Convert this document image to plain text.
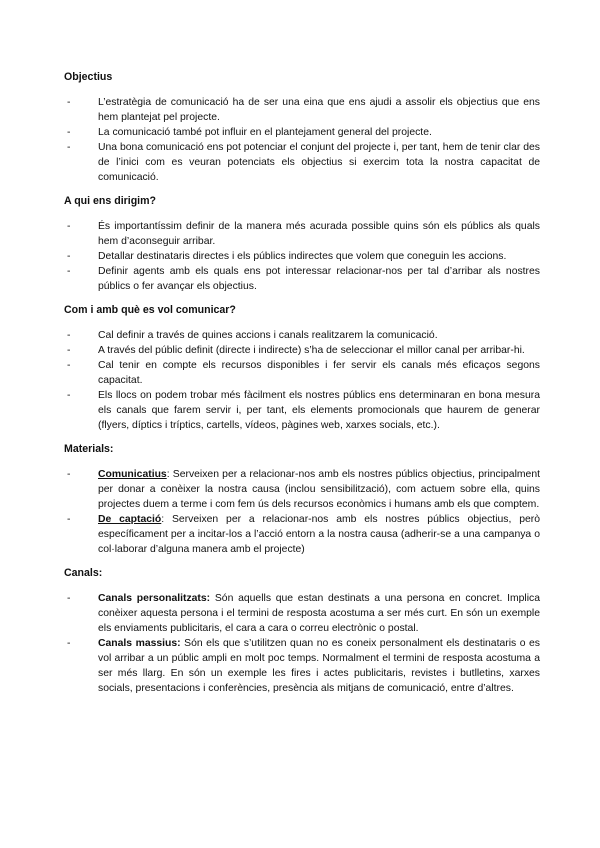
Objectius
-	L’estratègia de comunicació ha de ser una eina que ens ajudi a assolir els objectius que ens hem plantejat pel projecte.
-	La comunicació també pot influir en el plantejament general del projecte.
-	Una bona comunicació ens pot potenciar el conjunt del projecte i, per tant, hem de tenir clar des de l’inici com es veuran potenciats els objectius si exercim tota la nostra capacitat de comunicació.
A qui ens dirigim?
-	És importantíssim definir de la manera més acurada possible quins són els públics als quals hem d’aconseguir arribar.
-	Detallar destinataris directes i els públics indirectes que volem que coneguin les accions.
-	Definir agents amb els quals ens pot interessar relacionar-nos per tal d’arribar als nostres públics o fer avançar els objectius.
Com i amb què es vol comunicar?
-	Cal definir a través de quines accions i canals realitzarem la comunicació.
-	A través del públic definit (directe i indirecte) s’ha de seleccionar el millor canal per arribar-hi.
-	Cal tenir en compte els recursos disponibles i fer servir els canals més eficaços segons capacitat.
-	Els llocs on podem trobar més fàcilment els nostres públics ens determinaran en bona mesura els canals que farem servir i, per tant, els elements promocionals que haurem de generar (flyers, díptics i tríptics, cartells, vídeos, pàgines web, xarxes socials, etc.).
Materials:
-	Comunicatius: Serveixen per a relacionar-nos amb els nostres públics objectius, principalment per donar a conèixer la nostra causa (inclou sensibilització), com actuem sobre ella, quins projectes duem a terme i com fem ús dels recursos econòmics i humans amb els que comptem.
-	De captació: Serveixen per a relacionar-nos amb els nostres públics objectius, però específicament per a incitar-los a l’acció entorn a la nostra causa (adherir-se a una campanya o col·laborar d’alguna manera amb el projecte)
Canals:
-	Canals personalitzats: Són aquells que estan destinats a una persona en concret. Implica conèixer aquesta persona i el termini de resposta acostuma a ser més curt. En són un exemple els enviaments publicitaris, el cara a cara o correu electrònic o postal.
-	Canals massius: Són els que s’utilitzen quan no es coneix personalment els destinataris o es vol arribar a un públic ampli en molt poc temps. Normalment el termini de resposta acostuma a ser més llarg. En són un exemple les fires i actes publicitaris, revistes i butlletins, xarxes socials, presentacions i conferències, presència als mitjans de comunicació, entre d’altres.
